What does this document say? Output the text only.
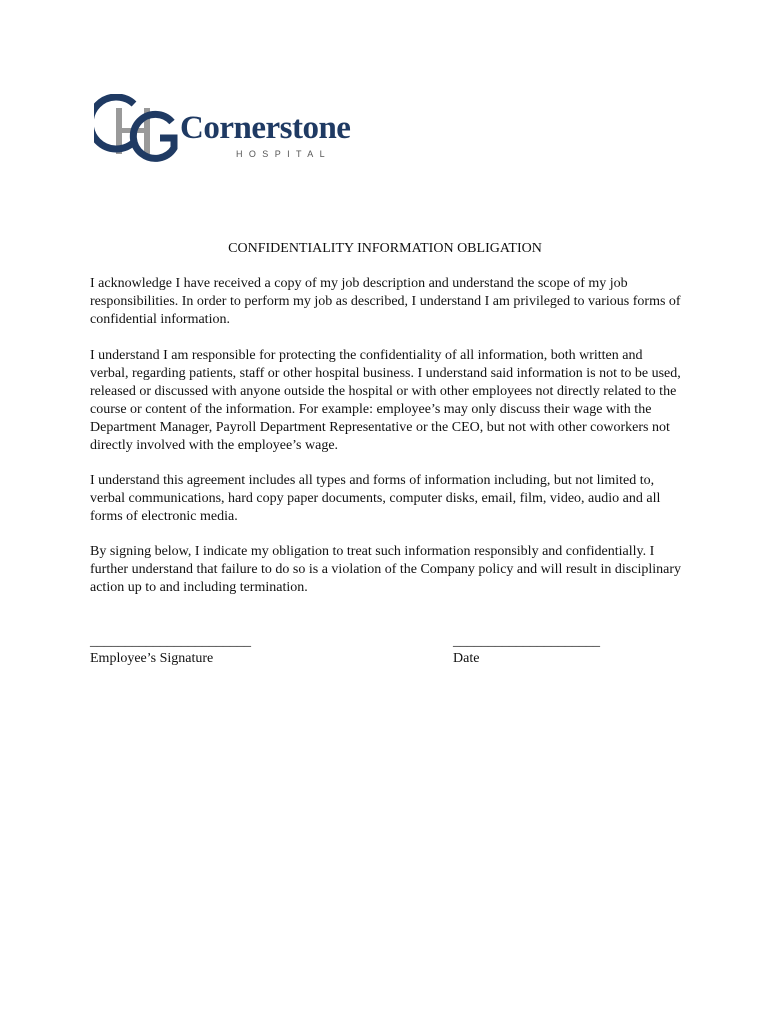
Cornerstone
HOSPITAL
CONFIDENTIALITY INFORMATION OBLIGATION

I acknowledge I have received a copy of my job description and understand the scope of my job responsibilities. In order to perform my job as described, I understand I am privileged to various forms of confidential information.

I understand I am responsible for protecting the confidentiality of all information, both written and verbal, regarding patients, staff or other hospital business. I understand said information is not to be used, released or discussed with anyone outside the hospital or with other employees not directly related to the course or content of the information. For example: employee’s may only discuss their wage with the Department Manager, Payroll Department Representative or the CEO, but not with other coworkers not directly involved with the employee’s wage.

I understand this agreement includes all types and forms of information including, but not limited to, verbal communications, hard copy paper documents, computer disks, email, film, video, audio and all forms of electronic media.

By signing below, I indicate my obligation to treat such information responsibly and confidentially. I further understand that failure to do so is a violation of the Company policy and will result in disciplinary action up to and including termination.

_______________________
Employee’s Signature
_____________________
Date
